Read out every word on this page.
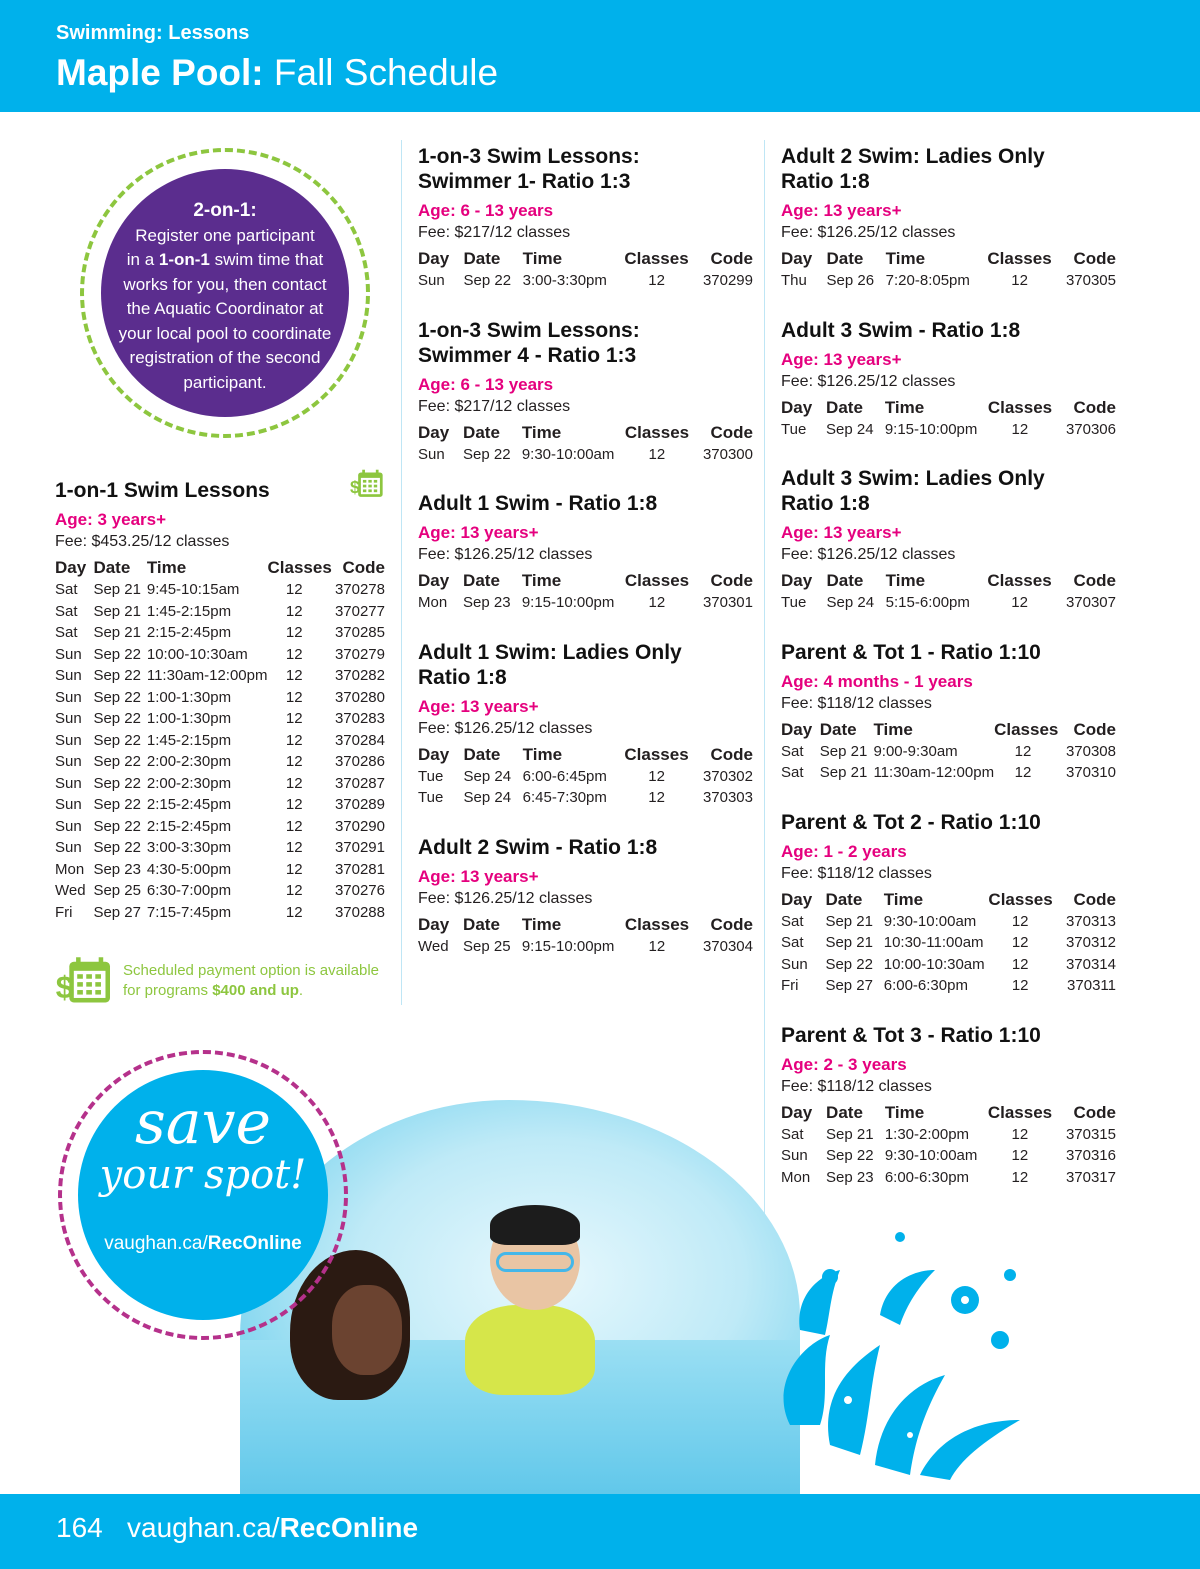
Swimming: Lessons
Maple Pool: Fall Schedule
2-on-1:
Register one participant
in a 1-on-1 swim time that
works for you, then contact
the Aquatic Coordinator at
your local pool to coordinate
registration of the second
participant.
1-on-1 Swim Lessons
Age: 3 years+
Fee: $453.25/12 classes
Day	Date	Time	Classes	Code
Sat	Sep 21	9:45-10:15am	12	370278
Sat	Sep 21	1:45-2:15pm	12	370277
Sat	Sep 21	2:15-2:45pm	12	370285
Sun	Sep 22	10:00-10:30am	12	370279
Sun	Sep 22	11:30am-12:00pm	12	370282
Sun	Sep 22	1:00-1:30pm	12	370280
Sun	Sep 22	1:00-1:30pm	12	370283
Sun	Sep 22	1:45-2:15pm	12	370284
Sun	Sep 22	2:00-2:30pm	12	370286
Sun	Sep 22	2:00-2:30pm	12	370287
Sun	Sep 22	2:15-2:45pm	12	370289
Sun	Sep 22	2:15-2:45pm	12	370290
Sun	Sep 22	3:00-3:30pm	12	370291
Mon	Sep 23	4:30-5:00pm	12	370281
Wed	Sep 25	6:30-7:00pm	12	370276
Fri	Sep 27	7:15-7:45pm	12	370288
$
$	Scheduled payment option is available
for programs $400 and up.
1-on-3 Swim Lessons:
Swimmer 1- Ratio 1:3
Age: 6 - 13 years
Fee: $217/12 classes
Day	Date	Time	Classes	Code
Sun	Sep 22	3:00-3:30pm	12	370299
1-on-3 Swim Lessons:
Swimmer 4 - Ratio 1:3
Age: 6 - 13 years
Fee: $217/12 classes
Day	Date	Time	Classes	Code
Sun	Sep 22	9:30-10:00am	12	370300
Adult 1 Swim - Ratio 1:8
Age: 13 years+
Fee: $126.25/12 classes
Day	Date	Time	Classes	Code
Mon	Sep 23	9:15-10:00pm	12	370301
Adult 1 Swim: Ladies Only
Ratio 1:8
Age: 13 years+
Fee: $126.25/12 classes
Day	Date	Time	Classes	Code
Tue	Sep 24	6:00-6:45pm	12	370302
Tue	Sep 24	6:45-7:30pm	12	370303
Adult 2 Swim - Ratio 1:8
Age: 13 years+
Fee: $126.25/12 classes
Day	Date	Time	Classes	Code
Wed	Sep 25	9:15-10:00pm	12	370304
Adult 2 Swim: Ladies Only
Ratio 1:8
Age: 13 years+
Fee: $126.25/12 classes
Day	Date	Time	Classes	Code
Thu	Sep 26	7:20-8:05pm	12	370305
Adult 3 Swim - Ratio 1:8
Age: 13 years+
Fee: $126.25/12 classes
Day	Date	Time	Classes	Code
Tue	Sep 24	9:15-10:00pm	12	370306
Adult 3 Swim: Ladies Only
Ratio 1:8
Age: 13 years+
Fee: $126.25/12 classes
Day	Date	Time	Classes	Code
Tue	Sep 24	5:15-6:00pm	12	370307
Parent & Tot 1 - Ratio 1:10
Age: 4 months - 1 years
Fee: $118/12 classes
Day	Date	Time	Classes	Code
Sat	Sep 21	9:00-9:30am	12	370308
Sat	Sep 21	11:30am-12:00pm	12	370310
Parent & Tot 2 - Ratio 1:10
Age: 1 - 2 years
Fee: $118/12 classes
Day	Date	Time	Classes	Code
Sat	Sep 21	9:30-10:00am	12	370313
Sat	Sep 21	10:30-11:00am	12	370312
Sun	Sep 22	10:00-10:30am	12	370314
Fri	Sep 27	6:00-6:30pm	12	370311
Parent & Tot 3 - Ratio 1:10
Age: 2 - 3 years
Fee: $118/12 classes
Day	Date	Time	Classes	Code
Sat	Sep 21	1:30-2:00pm	12	370315
Sun	Sep 22	9:30-10:00am	12	370316
Mon	Sep 23	6:00-6:30pm	12	370317
save
your spot!
vaughan.ca/RecOnline
164 vaughan.ca/RecOnline
